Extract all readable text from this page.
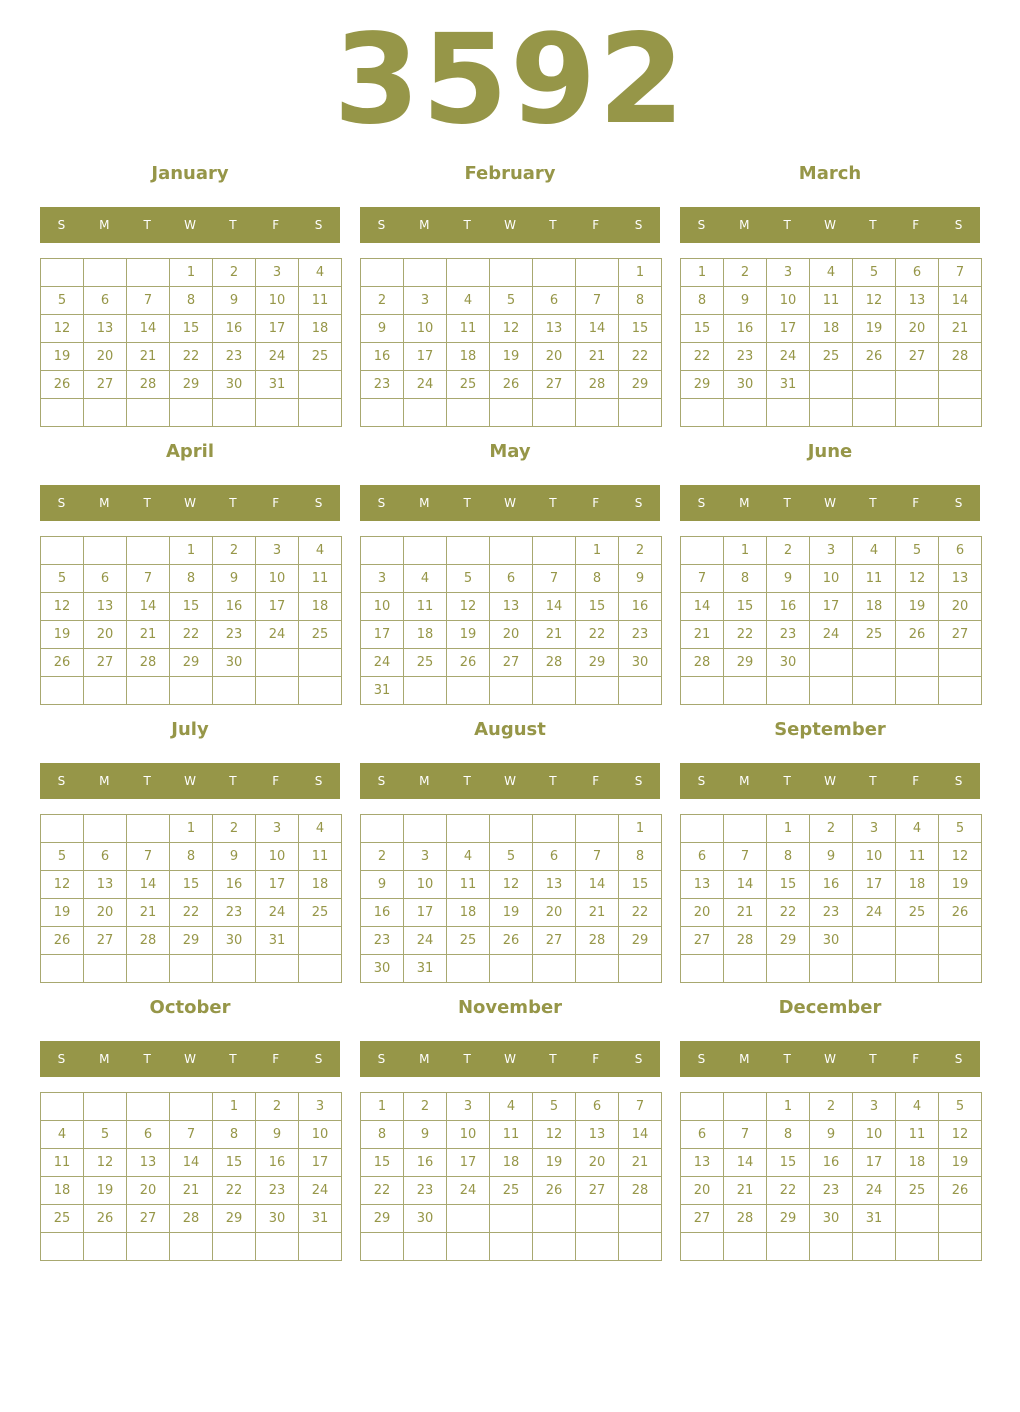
3592
January
S	M	T	W	T	F	S
			1	2	3	4
5	6	7	8	9	10	11
12	13	14	15	16	17	18
19	20	21	22	23	24	25
26	27	28	29	30	31	

February
S	M	T	W	T	F	S
						1
2	3	4	5	6	7	8
9	10	11	12	13	14	15
16	17	18	19	20	21	22
23	24	25	26	27	28	29

March
S	M	T	W	T	F	S
1	2	3	4	5	6	7
8	9	10	11	12	13	14
15	16	17	18	19	20	21
22	23	24	25	26	27	28
29	30	31				

April
S	M	T	W	T	F	S
			1	2	3	4
5	6	7	8	9	10	11
12	13	14	15	16	17	18
19	20	21	22	23	24	25
26	27	28	29	30		

May
S	M	T	W	T	F	S
					1	2
3	4	5	6	7	8	9
10	11	12	13	14	15	16
17	18	19	20	21	22	23
24	25	26	27	28	29	30
31						
June
S	M	T	W	T	F	S
	1	2	3	4	5	6
7	8	9	10	11	12	13
14	15	16	17	18	19	20
21	22	23	24	25	26	27
28	29	30				

July
S	M	T	W	T	F	S
			1	2	3	4
5	6	7	8	9	10	11
12	13	14	15	16	17	18
19	20	21	22	23	24	25
26	27	28	29	30	31	

August
S	M	T	W	T	F	S
						1
2	3	4	5	6	7	8
9	10	11	12	13	14	15
16	17	18	19	20	21	22
23	24	25	26	27	28	29
30	31					
September
S	M	T	W	T	F	S
		1	2	3	4	5
6	7	8	9	10	11	12
13	14	15	16	17	18	19
20	21	22	23	24	25	26
27	28	29	30			

October
S	M	T	W	T	F	S
				1	2	3
4	5	6	7	8	9	10
11	12	13	14	15	16	17
18	19	20	21	22	23	24
25	26	27	28	29	30	31

November
S	M	T	W	T	F	S
1	2	3	4	5	6	7
8	9	10	11	12	13	14
15	16	17	18	19	20	21
22	23	24	25	26	27	28
29	30					

December
S	M	T	W	T	F	S
		1	2	3	4	5
6	7	8	9	10	11	12
13	14	15	16	17	18	19
20	21	22	23	24	25	26
27	28	29	30	31		
